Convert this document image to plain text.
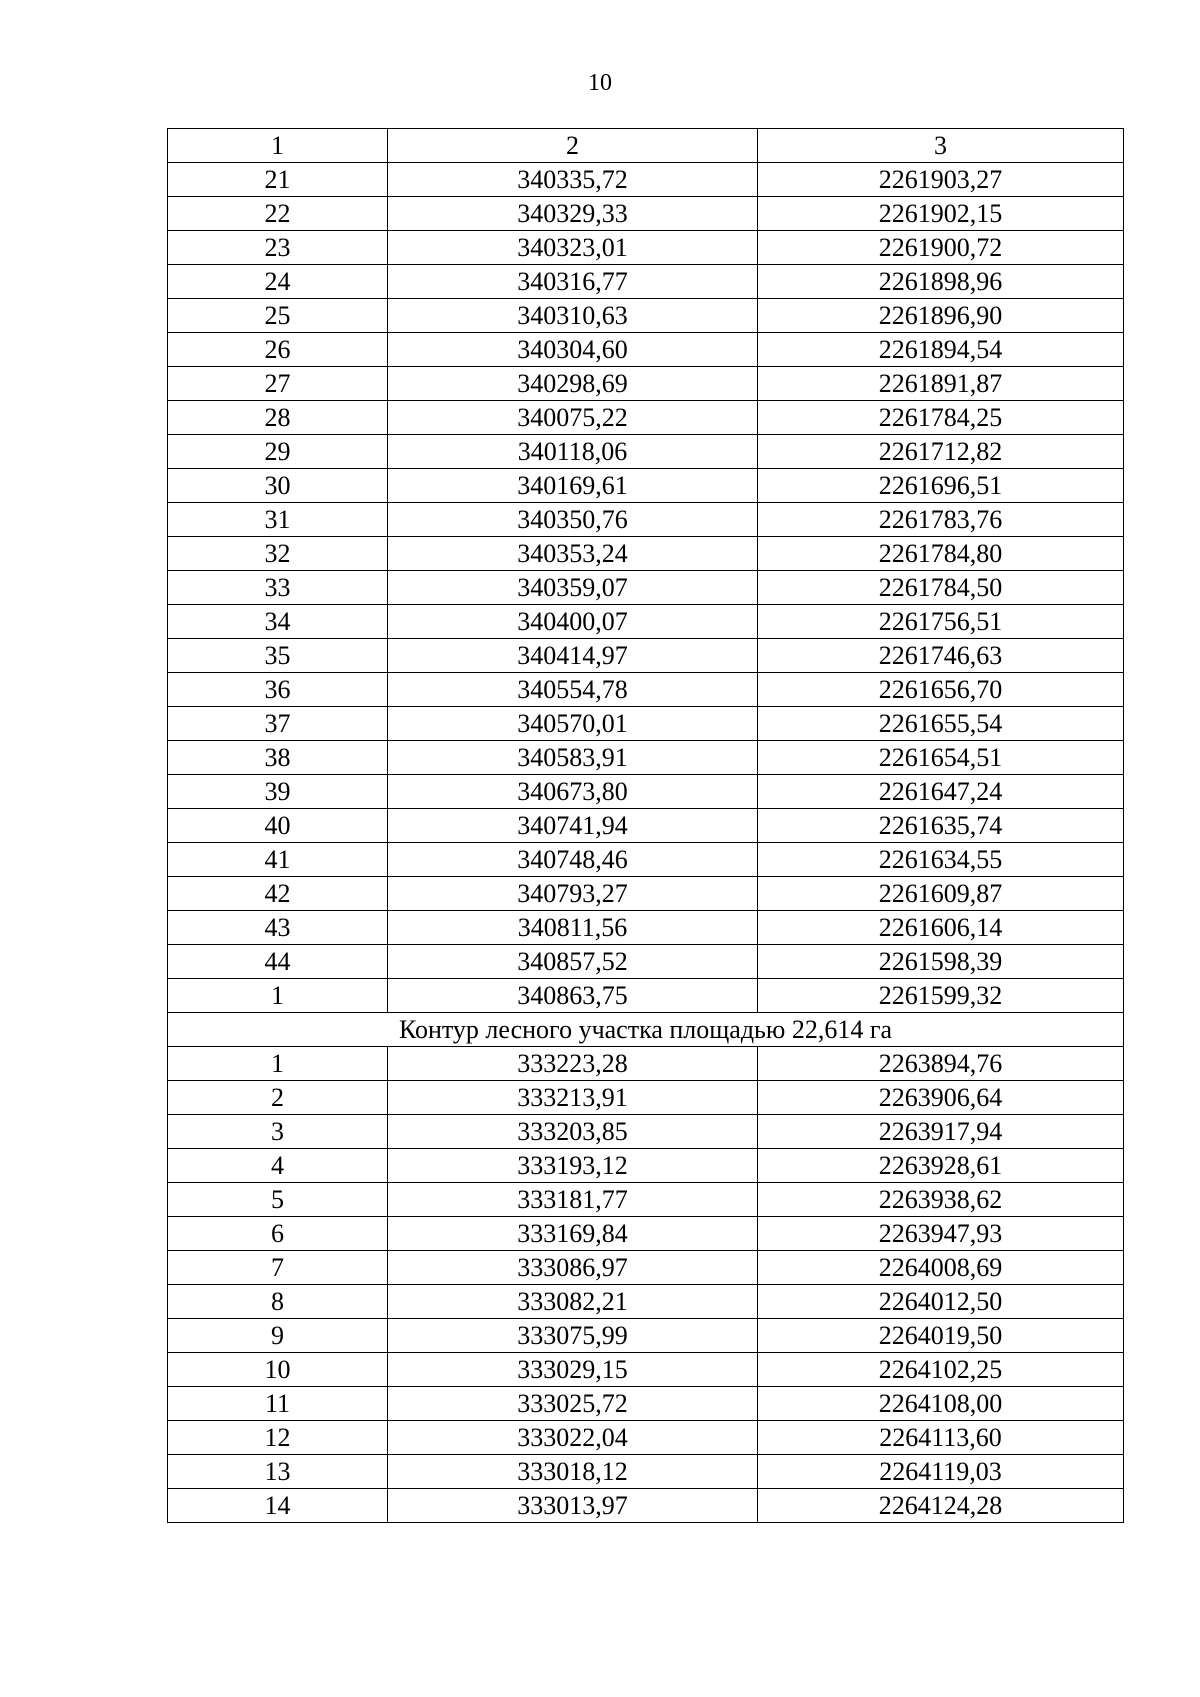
10
1	2	3
21	340335,72	2261903,27
22	340329,33	2261902,15
23	340323,01	2261900,72
24	340316,77	2261898,96
25	340310,63	2261896,90
26	340304,60	2261894,54
27	340298,69	2261891,87
28	340075,22	2261784,25
29	340118,06	2261712,82
30	340169,61	2261696,51
31	340350,76	2261783,76
32	340353,24	2261784,80
33	340359,07	2261784,50
34	340400,07	2261756,51
35	340414,97	2261746,63
36	340554,78	2261656,70
37	340570,01	2261655,54
38	340583,91	2261654,51
39	340673,80	2261647,24
40	340741,94	2261635,74
41	340748,46	2261634,55
42	340793,27	2261609,87
43	340811,56	2261606,14
44	340857,52	2261598,39
1	340863,75	2261599,32
Контур лесного участка площадью 22,614 га		
1	333223,28	2263894,76
2	333213,91	2263906,64
3	333203,85	2263917,94
4	333193,12	2263928,61
5	333181,77	2263938,62
6	333169,84	2263947,93
7	333086,97	2264008,69
8	333082,21	2264012,50
9	333075,99	2264019,50
10	333029,15	2264102,25
11	333025,72	2264108,00
12	333022,04	2264113,60
13	333018,12	2264119,03
14	333013,97	2264124,28
